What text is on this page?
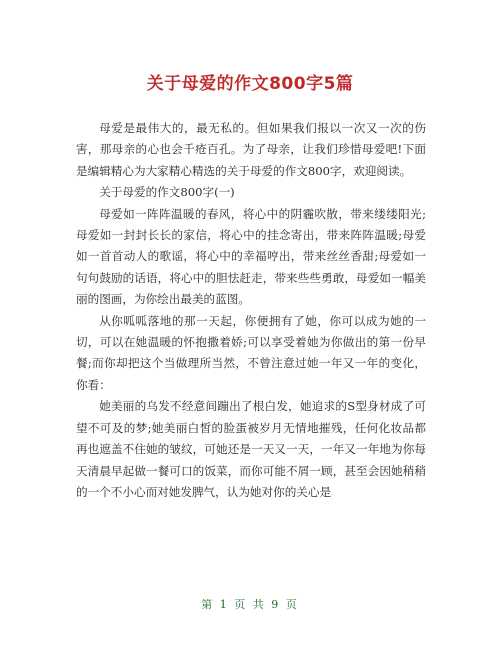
关于母爱的作文800字5篇

母爱是最伟大的，最无私的。但如果我们报以一次又一次的伤害，那母亲的心也会千疮百孔。为了母亲，让我们珍惜母爱吧!下面是编辑精心为大家精心精选的关于母爱的作文800字，欢迎阅读。

关于母爱的作文800字(一)

母爱如一阵阵温暖的春风，将心中的阴霾吹散，带来缕缕阳光;母爱如一封封长长的家信，将心中的挂念寄出，带来阵阵温暖;母爱如一首首动人的歌谣，将心中的幸福哼出，带来丝丝香甜;母爱如一句句鼓励的话语，将心中的胆怯赶走，带来些些勇敢，母爱如一幅美丽的图画，为你绘出最美的蓝图。

从你呱呱落地的那一天起，你便拥有了她，你可以成为她的一切，可以在她温暖的怀抱撒着娇;可以享受着她为你做出的第一份早餐;而你却把这个当做理所当然，不曾注意过她一年又一年的变化，你看：

她美丽的乌发不经意间蹦出了根白发，她追求的S型身材成了可望不可及的梦;她美丽白皙的脸蛋被岁月无情地摧残，任何化妆品都再也遮盖不住她的皱纹，可她还是一天又一天，一年又一年地为你每天清晨早起做一餐可口的饭菜，而你可能不屑一顾，甚至会因她稍稍的一个不小心而对她发脾气，认为她对你的关心是

第 1 页 共 9 页
